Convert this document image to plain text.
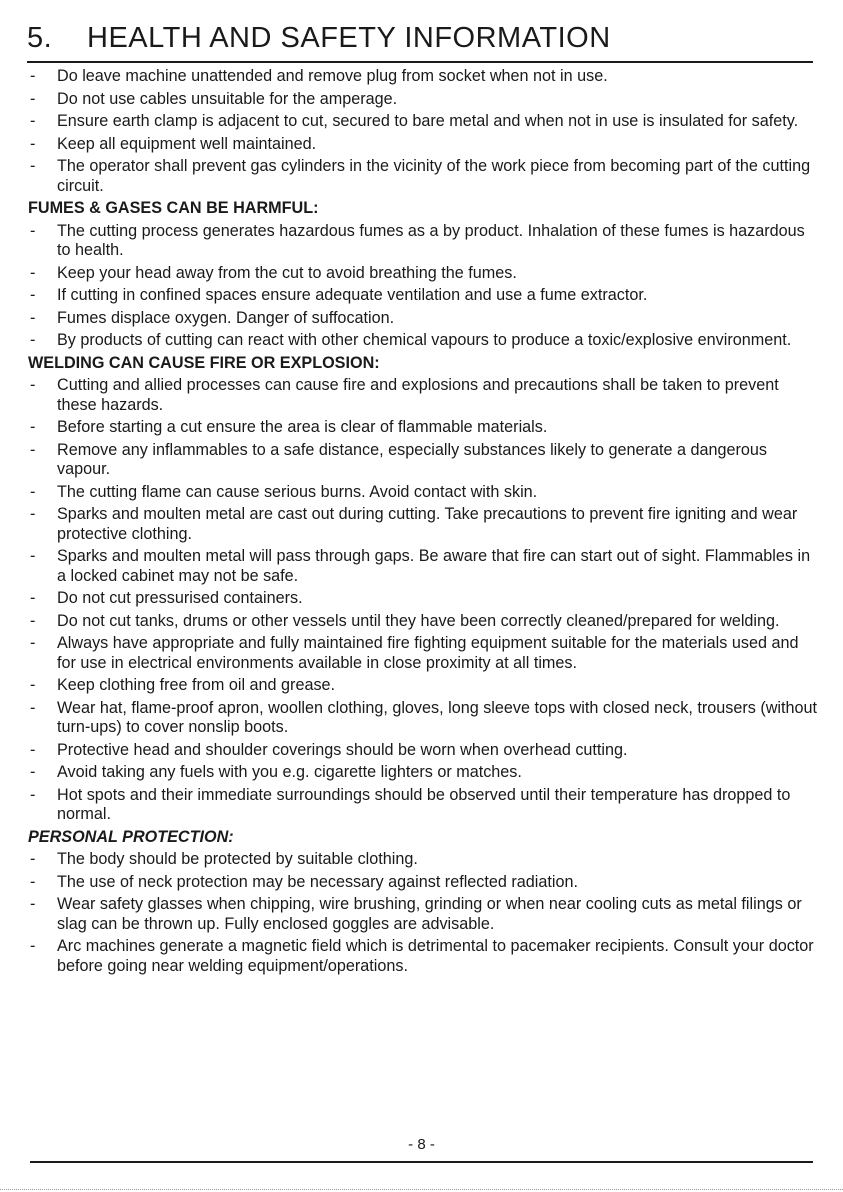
5. HEALTH AND SAFETY INFORMATION
- Do leave machine unattended and remove plug from socket when not in use.
- Do not use cables unsuitable for the amperage.
- Ensure earth clamp is adjacent to cut, secured to bare metal and when not in use is insulated for safety.
- Keep all equipment well maintained.
- The operator shall prevent gas cylinders in the vicinity of the work piece from becoming part of the cutting circuit.
FUMES & GASES CAN BE HARMFUL:
- The cutting process generates hazardous fumes as a by product. Inhalation of these fumes is hazardous to health.
- Keep your head away from the cut to avoid breathing the fumes.
- If cutting in confined spaces ensure adequate ventilation and use a fume extractor.
- Fumes displace oxygen. Danger of suffocation.
- By products of cutting can react with other chemical vapours to produce a toxic/explosive environment.
WELDING CAN CAUSE FIRE OR EXPLOSION:
- Cutting and allied processes can cause fire and explosions and precautions shall be taken to prevent these hazards.
- Before starting a cut ensure the area is clear of flammable materials.
- Remove any inflammables to a safe distance, especially substances likely to generate a dangerous vapour.
- The cutting flame can cause serious burns. Avoid contact with skin.
- Sparks and moulten metal are cast out during cutting. Take precautions to prevent fire igniting and wear protective clothing.
- Sparks and moulten metal will pass through gaps. Be aware that fire can start out of sight. Flammables in a locked cabinet may not be safe.
- Do not cut pressurised containers.
- Do not cut tanks, drums or other vessels until they have been correctly cleaned/prepared for welding.
- Always have appropriate and fully maintained fire fighting equipment suitable for the materials used and for use in electrical environments available in close proximity at all times.
- Keep clothing free from oil and grease.
- Wear hat, flame-proof apron, woollen clothing, gloves, long sleeve tops with closed neck, trousers (without turn-ups) to cover nonslip boots.
- Protective head and shoulder coverings should be worn when overhead cutting.
- Avoid taking any fuels with you e.g. cigarette lighters or matches.
- Hot spots and their immediate surroundings should be observed until their temperature has dropped to normal.
PERSONAL PROTECTION:
- The body should be protected by suitable clothing.
- The use of neck protection may be necessary against reflected radiation.
- Wear safety glasses when chipping, wire brushing, grinding or when near cooling cuts as metal filings or slag can be thrown up. Fully enclosed goggles are advisable.
- Arc machines generate a magnetic field which is detrimental to pacemaker recipients. Consult your doctor before going near welding equipment/operations.
- 8 -
